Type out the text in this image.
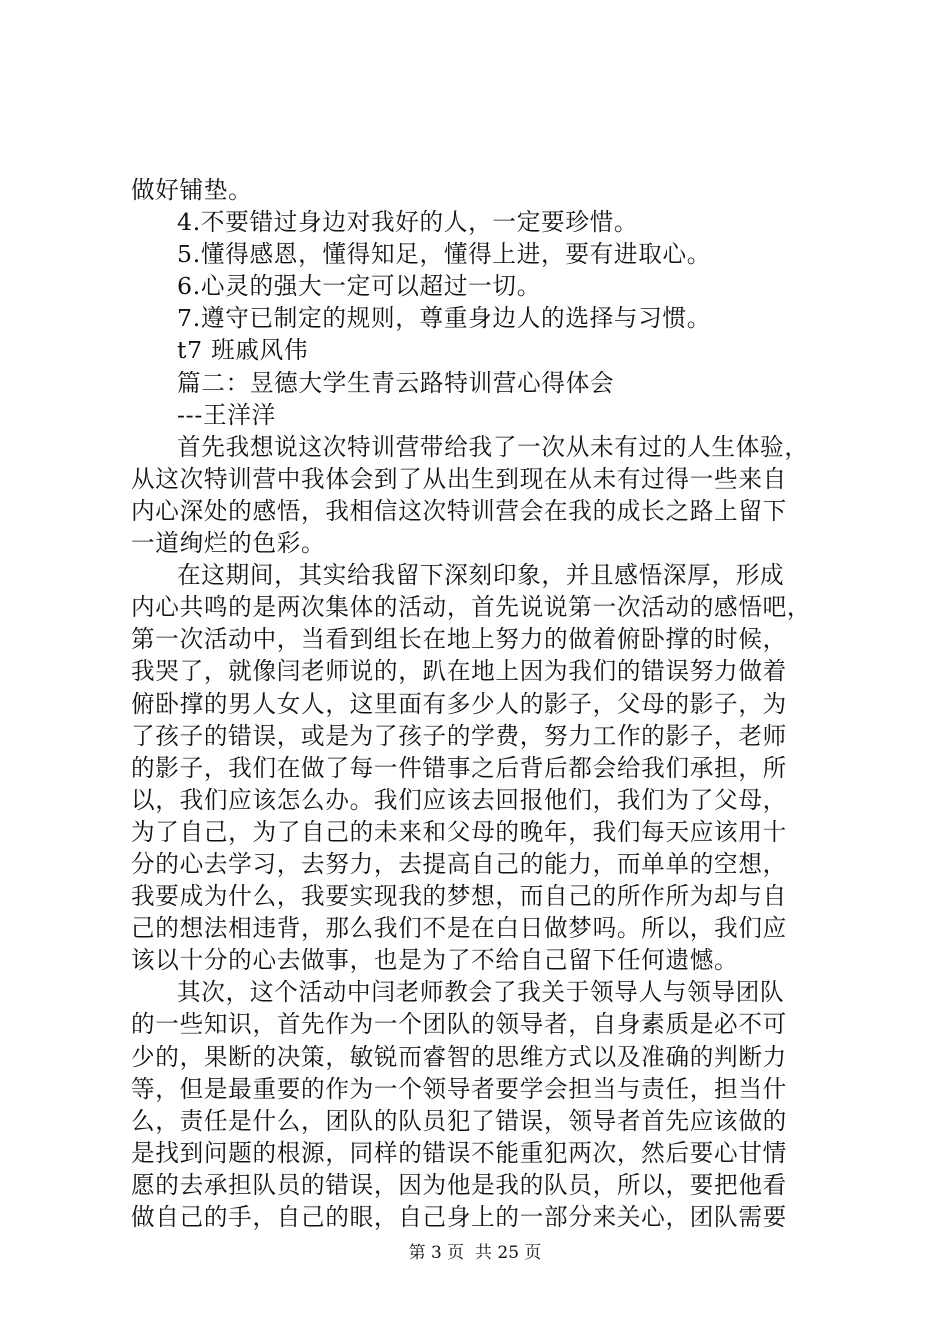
做好铺垫。
4.不要错过身边对我好的人，一定要珍惜。
5.懂得感恩，懂得知足，懂得上进，要有进取心。
6.心灵的强大一定可以超过一切。
7.遵守已制定的规则，尊重身边人的选择与习惯。
t7 班戚风伟
篇二：昱德大学生青云路特训营心得体会
---王洋洋
首先我想说这次特训营带给我了一次从未有过的人生体验，
从这次特训营中我体会到了从出生到现在从未有过得一些来自
内心深处的感悟，我相信这次特训营会在我的成长之路上留下
一道绚烂的色彩。
在这期间，其实给我留下深刻印象，并且感悟深厚，形成
内心共鸣的是两次集体的活动，首先说说第一次活动的感悟吧，
第一次活动中，当看到组长在地上努力的做着俯卧撑的时候，
我哭了，就像闫老师说的，趴在地上因为我们的错误努力做着
俯卧撑的男人女人，这里面有多少人的影子，父母的影子，为
了孩子的错误，或是为了孩子的学费，努力工作的影子，老师
的影子，我们在做了每一件错事之后背后都会给我们承担，所
以，我们应该怎么办。我们应该去回报他们，我们为了父母，
为了自己，为了自己的未来和父母的晚年，我们每天应该用十
分的心去学习，去努力，去提高自己的能力，而单单的空想，
我要成为什么，我要实现我的梦想，而自己的所作所为却与自
己的想法相违背，那么我们不是在白日做梦吗。所以，我们应
该以十分的心去做事，也是为了不给自己留下任何遗憾。
其次，这个活动中闫老师教会了我关于领导人与领导团队
的一些知识，首先作为一个团队的领导者，自身素质是必不可
少的，果断的决策，敏锐而睿智的思维方式以及准确的判断力
等，但是最重要的作为一个领导者要学会担当与责任，担当什
么，责任是什么，团队的队员犯了错误，领导者首先应该做的
是找到问题的根源，同样的错误不能重犯两次，然后要心甘情
愿的去承担队员的错误，因为他是我的队员，所以，要把他看
做自己的手，自己的眼，自己身上的一部分来关心，团队需要
第 3 页  共 25 页
